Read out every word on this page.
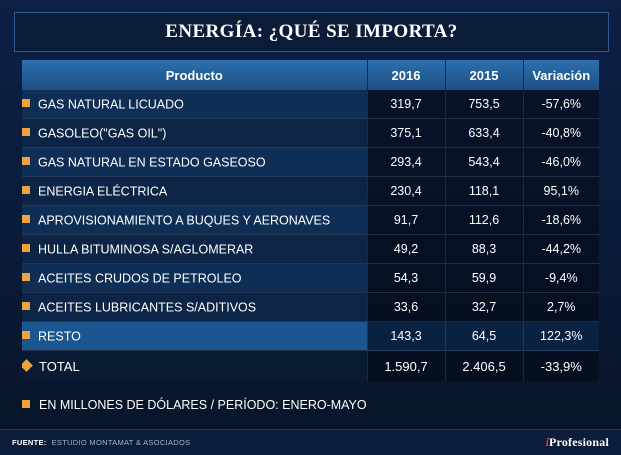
ENERGÍA: ¿QUÉ SE IMPORTA?
Producto	2016	2015	Variación
GAS NATURAL LICUADO	319,7	753,5	-57,6%
GASOLEO("GAS OIL")	375,1	633,4	-40,8%
GAS NATURAL EN ESTADO GASEOSO	293,4	543,4	-46,0%
ENERGIA ELÉCTRICA	230,4	118,1	95,1%
APROVISIONAMIENTO A BUQUES Y AERONAVES	91,7	112,6	-18,6%
HULLA BITUMINOSA S/AGLOMERAR	49,2	88,3	-44,2%
ACEITES CRUDOS DE PETROLEO	54,3	59,9	-9,4%
ACEITES LUBRICANTES S/ADITIVOS	33,6	32,7	2,7%
RESTO	143,3	64,5	122,3%
TOTAL	1.590,7	2.406,5	-33,9%
EN MILLONES DE DÓLARES / PERÍODO: ENERO-MAYO
FUENTE: ESTUDIO MONTAMAT & ASOCIADOS	i Profesional
